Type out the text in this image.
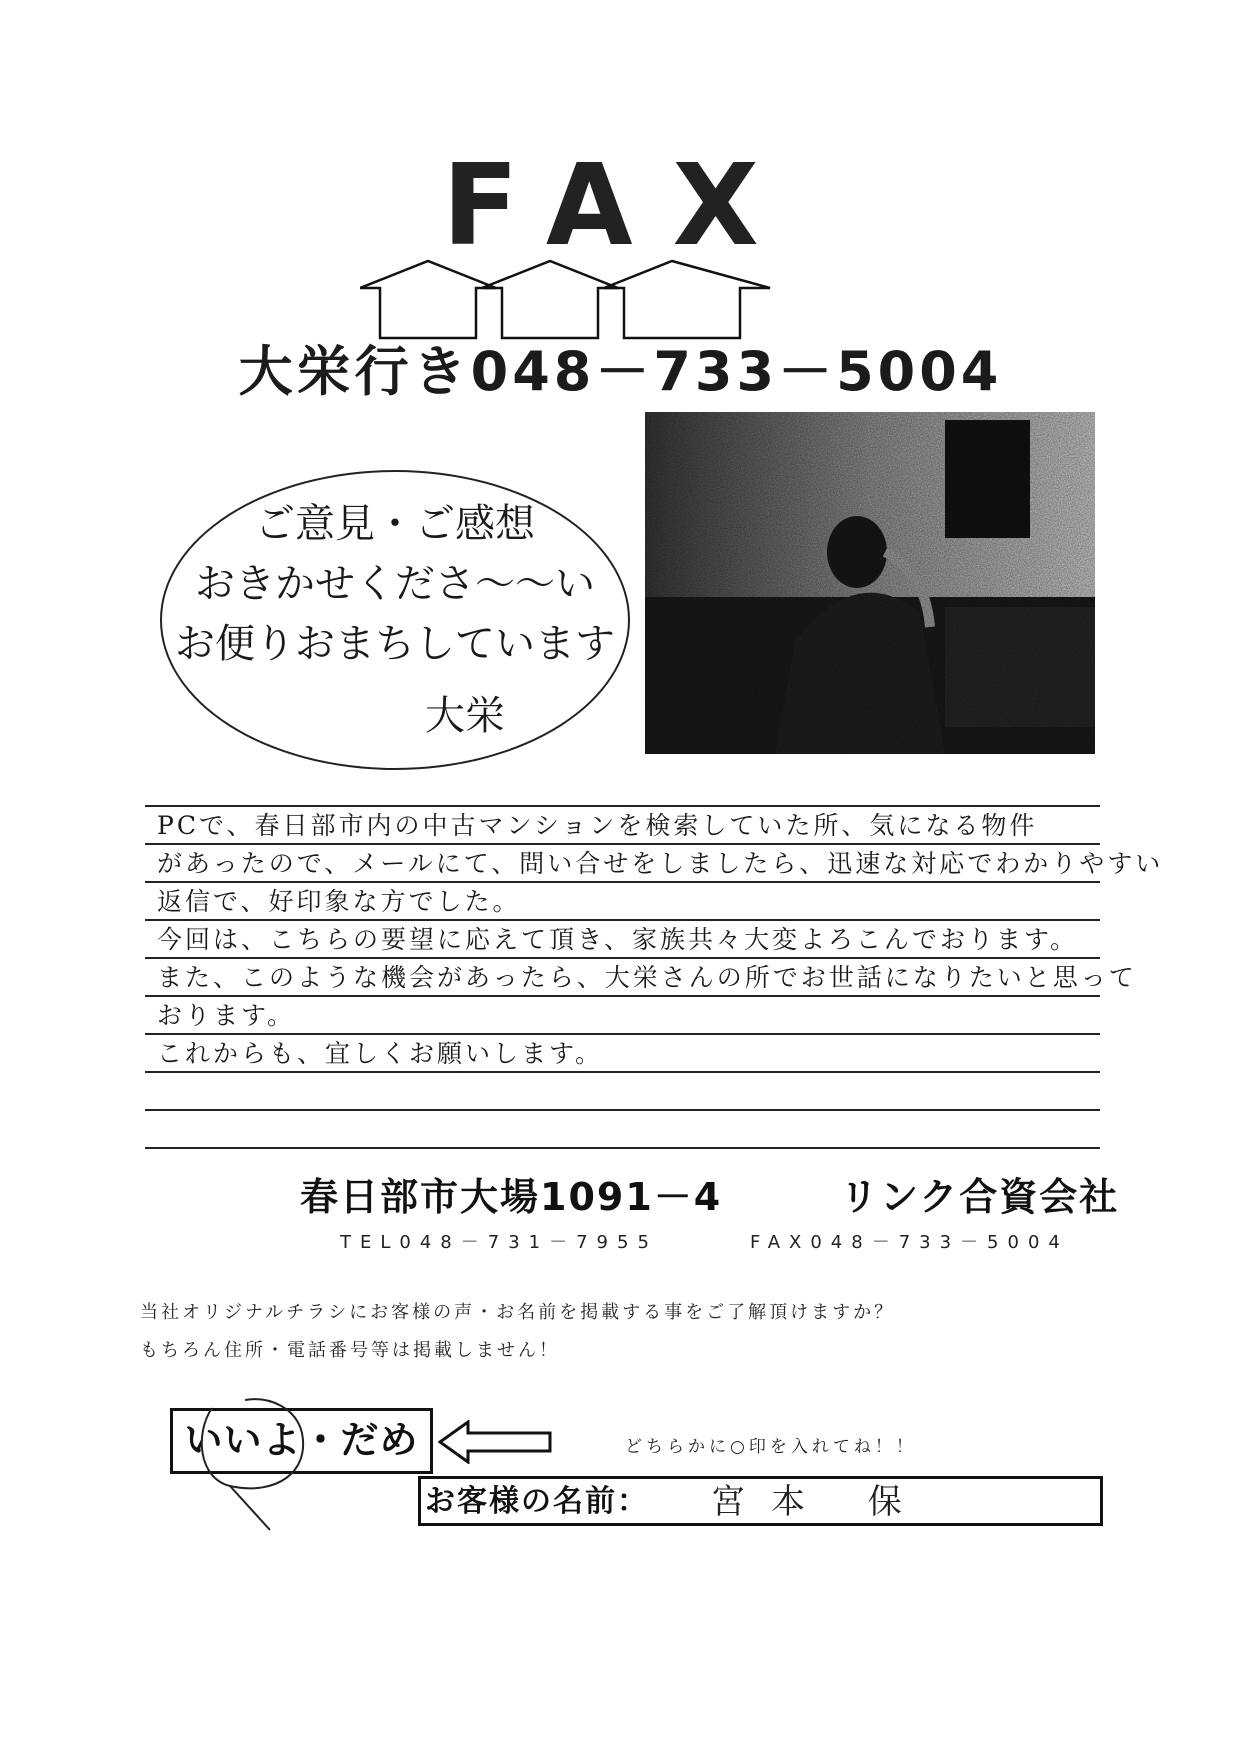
FAX
大栄行き048－733－5004
ご意見・ご感想
おきかせくださ〜〜い
お便りおまちしています
大栄
PCで、春日部市内の中古マンションを検索していた所、気になる物件
があったので、メールにて、問い合せをしましたら、迅速な対応でわかりやすい
返信で、好印象な方でした。
今回は、こちらの要望に応えて頂き、家族共々大変よろこんでおります。
また、このような機会があったら、大栄さんの所でお世話になりたいと思って
おります。
これからも、宜しくお願いします。
春日部市大場1091－4	リンク合資会社
TEL048－731－7955	FAX048－733－5004
当社オリジナルチラシにお客様の声・お名前を掲載する事をご了解頂けますか？
もちろん住所・電話番号等は掲載しません！
いいよ・だめ	どちらかに○印を入れてね！！
お客様の名前： 宮本 保
